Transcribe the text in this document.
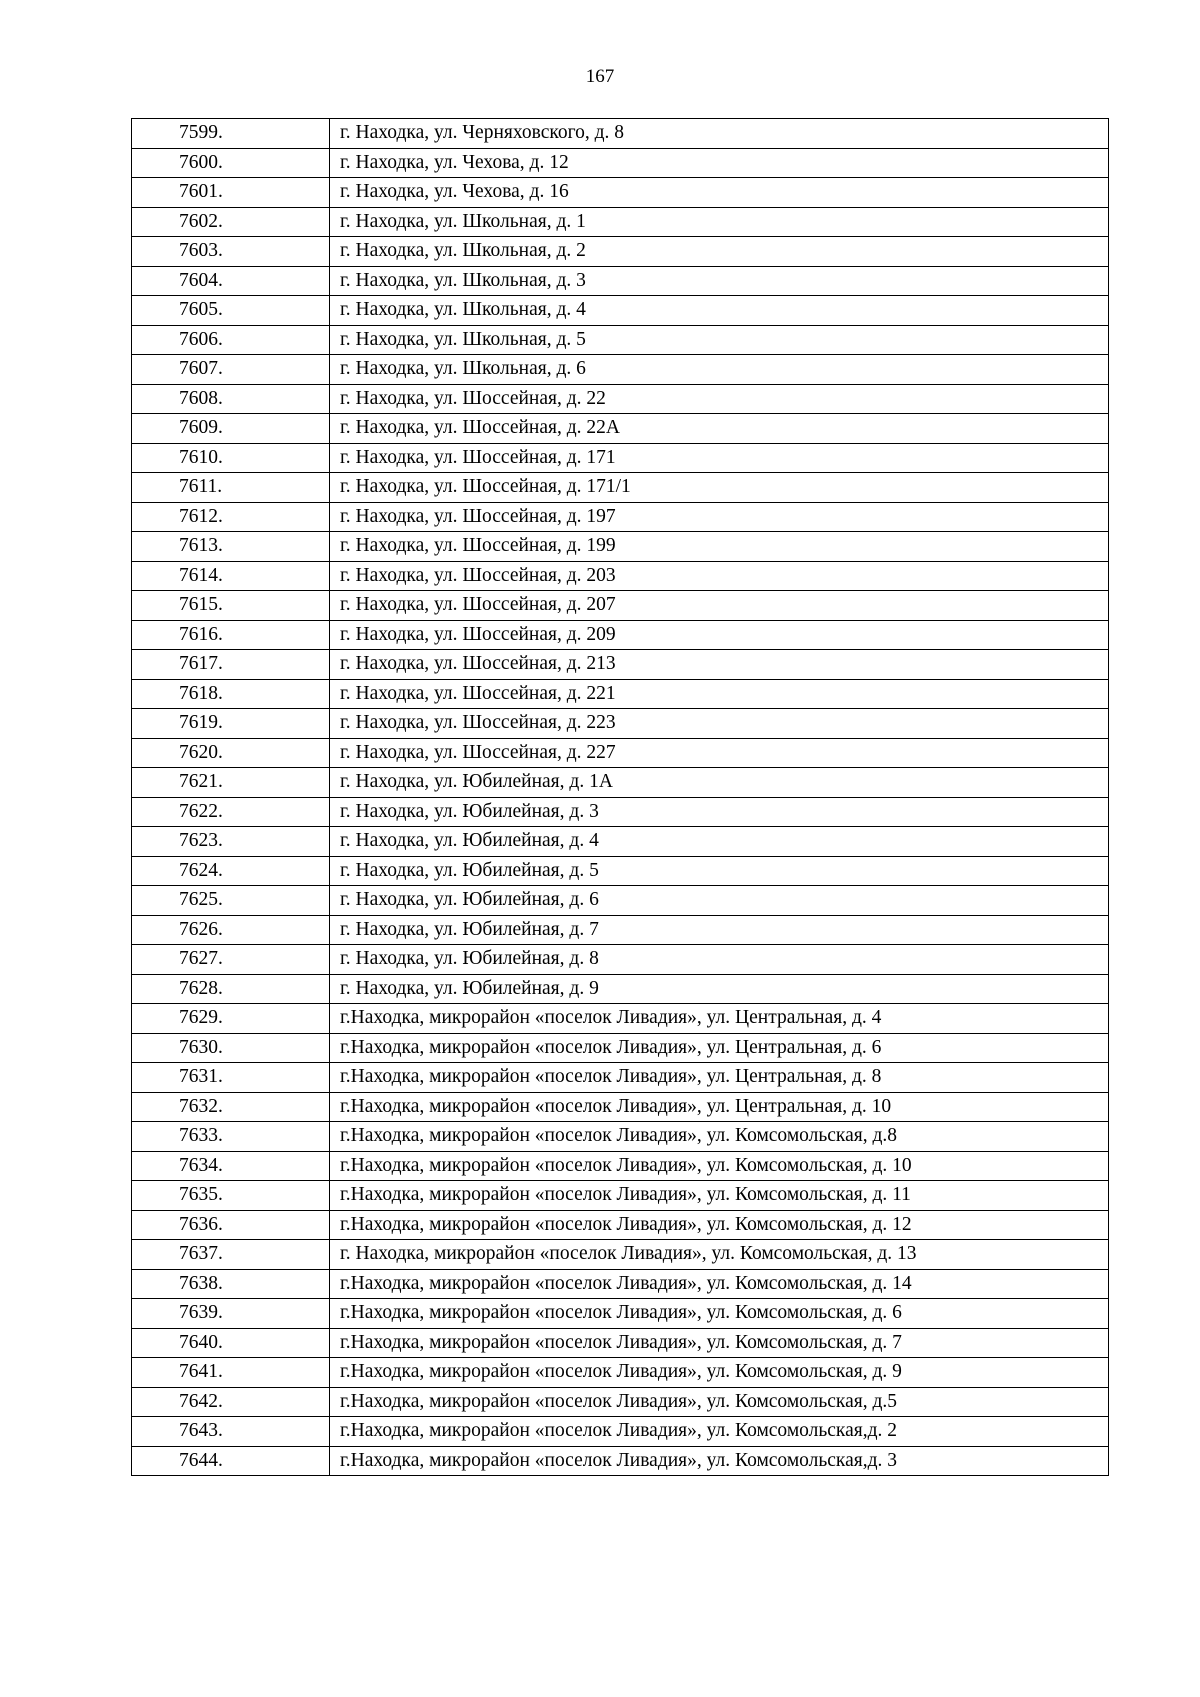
167
7599.	г. Находка, ул. Черняховского, д. 8
7600.	г. Находка, ул. Чехова, д. 12
7601.	г. Находка, ул. Чехова, д. 16
7602.	г. Находка, ул. Школьная, д. 1
7603.	г. Находка, ул. Школьная, д. 2
7604.	г. Находка, ул. Школьная, д. 3
7605.	г. Находка, ул. Школьная, д. 4
7606.	г. Находка, ул. Школьная, д. 5
7607.	г. Находка, ул. Школьная, д. 6
7608.	г. Находка, ул. Шоссейная, д. 22
7609.	г. Находка, ул. Шоссейная, д. 22А
7610.	г. Находка, ул. Шоссейная, д. 171
7611.	г. Находка, ул. Шоссейная, д. 171/1
7612.	г. Находка, ул. Шоссейная, д. 197
7613.	г. Находка, ул. Шоссейная, д. 199
7614.	г. Находка, ул. Шоссейная, д. 203
7615.	г. Находка, ул. Шоссейная, д. 207
7616.	г. Находка, ул. Шоссейная, д. 209
7617.	г. Находка, ул. Шоссейная, д. 213
7618.	г. Находка, ул. Шоссейная, д. 221
7619.	г. Находка, ул. Шоссейная, д. 223
7620.	г. Находка, ул. Шоссейная, д. 227
7621.	г. Находка, ул. Юбилейная, д. 1А
7622.	г. Находка, ул. Юбилейная, д. 3
7623.	г. Находка, ул. Юбилейная, д. 4
7624.	г. Находка, ул. Юбилейная, д. 5
7625.	г. Находка, ул. Юбилейная, д. 6
7626.	г. Находка, ул. Юбилейная, д. 7
7627.	г. Находка, ул. Юбилейная, д. 8
7628.	г. Находка, ул. Юбилейная, д. 9
7629.	г.Находка, микрорайон «поселок Ливадия», ул. Центральная, д. 4
7630.	г.Находка, микрорайон «поселок Ливадия», ул. Центральная, д. 6
7631.	г.Находка, микрорайон «поселок Ливадия», ул. Центральная, д. 8
7632.	г.Находка, микрорайон «поселок Ливадия», ул. Центральная, д. 10
7633.	г.Находка, микрорайон «поселок Ливадия», ул. Комсомольская, д.8
7634.	г.Находка, микрорайон «поселок Ливадия», ул. Комсомольская, д. 10
7635.	г.Находка, микрорайон «поселок Ливадия», ул. Комсомольская, д. 11
7636.	г.Находка, микрорайон «поселок Ливадия», ул. Комсомольская, д. 12
7637.	г. Находка, микрорайон «поселок Ливадия», ул. Комсомольская, д. 13
7638.	г.Находка, микрорайон «поселок Ливадия», ул. Комсомольская, д. 14
7639.	г.Находка, микрорайон «поселок Ливадия», ул. Комсомольская, д. 6
7640.	г.Находка, микрорайон «поселок Ливадия», ул. Комсомольская, д. 7
7641.	г.Находка, микрорайон «поселок Ливадия», ул. Комсомольская, д. 9
7642.	г.Находка, микрорайон «поселок Ливадия», ул. Комсомольская, д.5
7643.	г.Находка, микрорайон «поселок Ливадия», ул. Комсомольская,д. 2
7644.	г.Находка, микрорайон «поселок Ливадия», ул. Комсомольская,д. 3
